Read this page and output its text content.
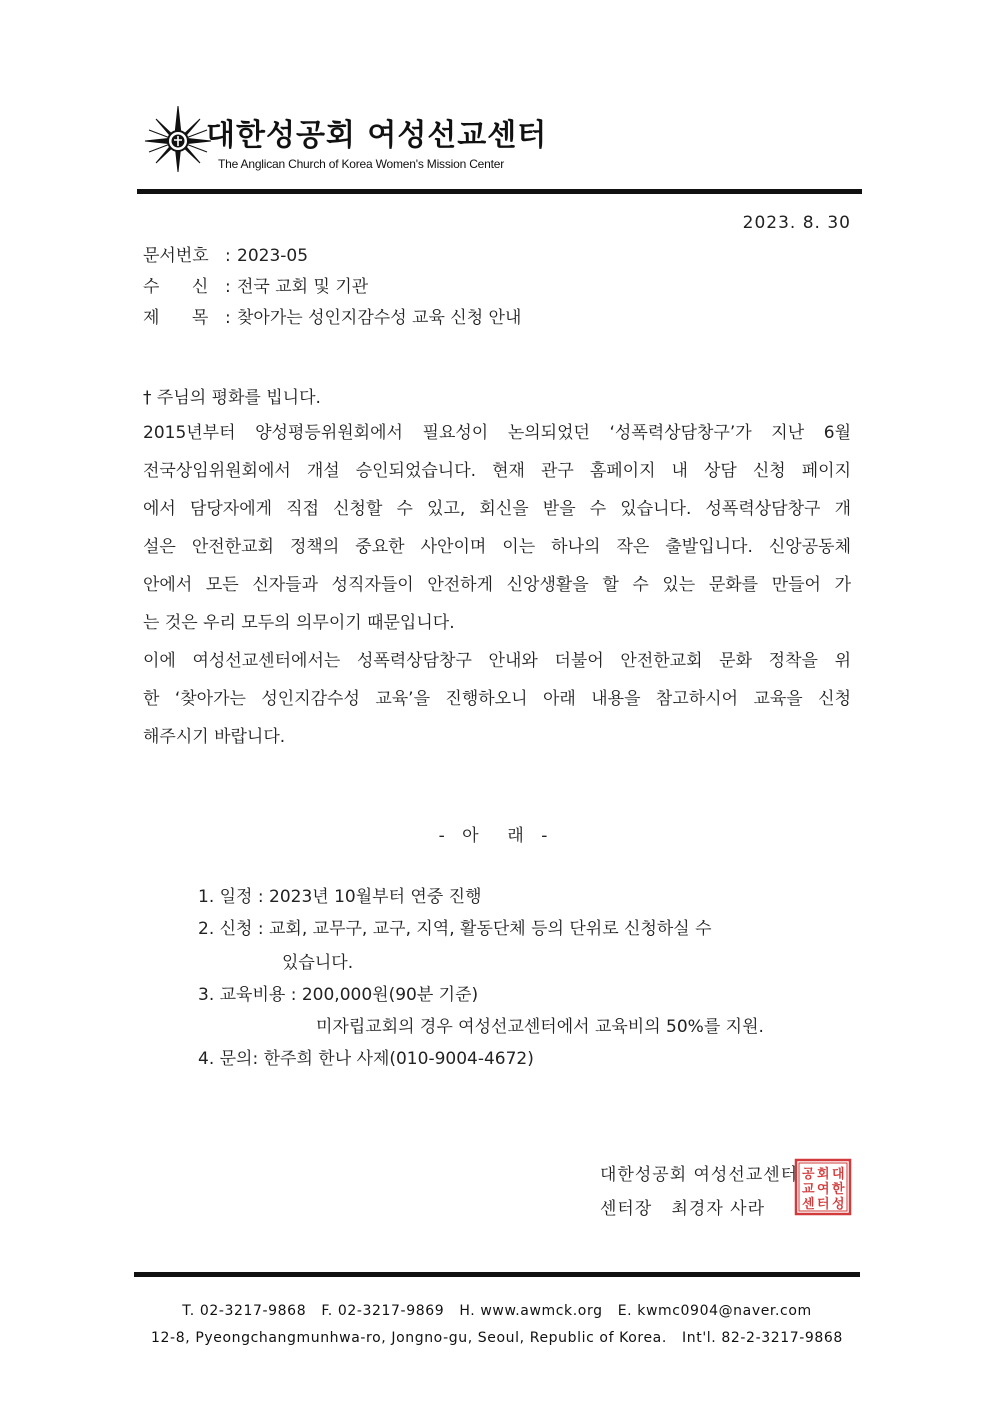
대한성공회 여성선교센터
The Anglican Church of Korea Women's Mission Center
2023. 8. 30
문서번호 : 2023-05
수      신 : 전국 교회 및 기관
제      목 : 찾아가는 성인지감수성 교육 신청 안내
† 주님의 평화를 빕니다.
2015년부터 양성평등위원회에서 필요성이 논의되었던 ‘성폭력상담창구’가 지난 6월
전국상임위원회에서 개설 승인되었습니다. 현재 관구 홈페이지 내 상담 신청 페이지
에서 담당자에게 직접 신청할 수 있고, 회신을 받을 수 있습니다. 성폭력상담창구 개
설은 안전한교회 정책의 중요한 사안이며 이는 하나의 작은 출발입니다. 신앙공동체
안에서 모든 신자들과 성직자들이 안전하게 신앙생활을 할 수 있는 문화를 만들어 가
는 것은 우리 모두의 의무이기 때문입니다.
이에 여성선교센터에서는 성폭력상담창구 안내와 더불어 안전한교회 문화 정착을 위
한 ‘찾아가는 성인지감수성 교육’을 진행하오니 아래 내용을 참고하시어 교육을 신청
해주시기 바랍니다.
- 아  래 -
1. 일정 : 2023년 10월부터 연중 진행
2. 신청 : 교회, 교무구, 교구, 지역, 활동단체 등의 단위로 신청하실 수
있습니다.
3. 교육비용 : 200,000원(90분 기준)
미자립교회의 경우 여성선교센터에서 교육비의 50%를 지원.
4. 문의: 한주희 한나 사제(010-9004-4672)
대한성공회 여성선교센터
센터장   최경자 사라
공 회 대
교 여 한
센 터 성
T. 02-3217-9868   F. 02-3217-9869   H. www.awmck.org   E. kwmc0904@naver.com
12-8, Pyeongchangmunhwa-ro, Jongno-gu, Seoul, Republic of Korea.   Int'l. 82-2-3217-9868
